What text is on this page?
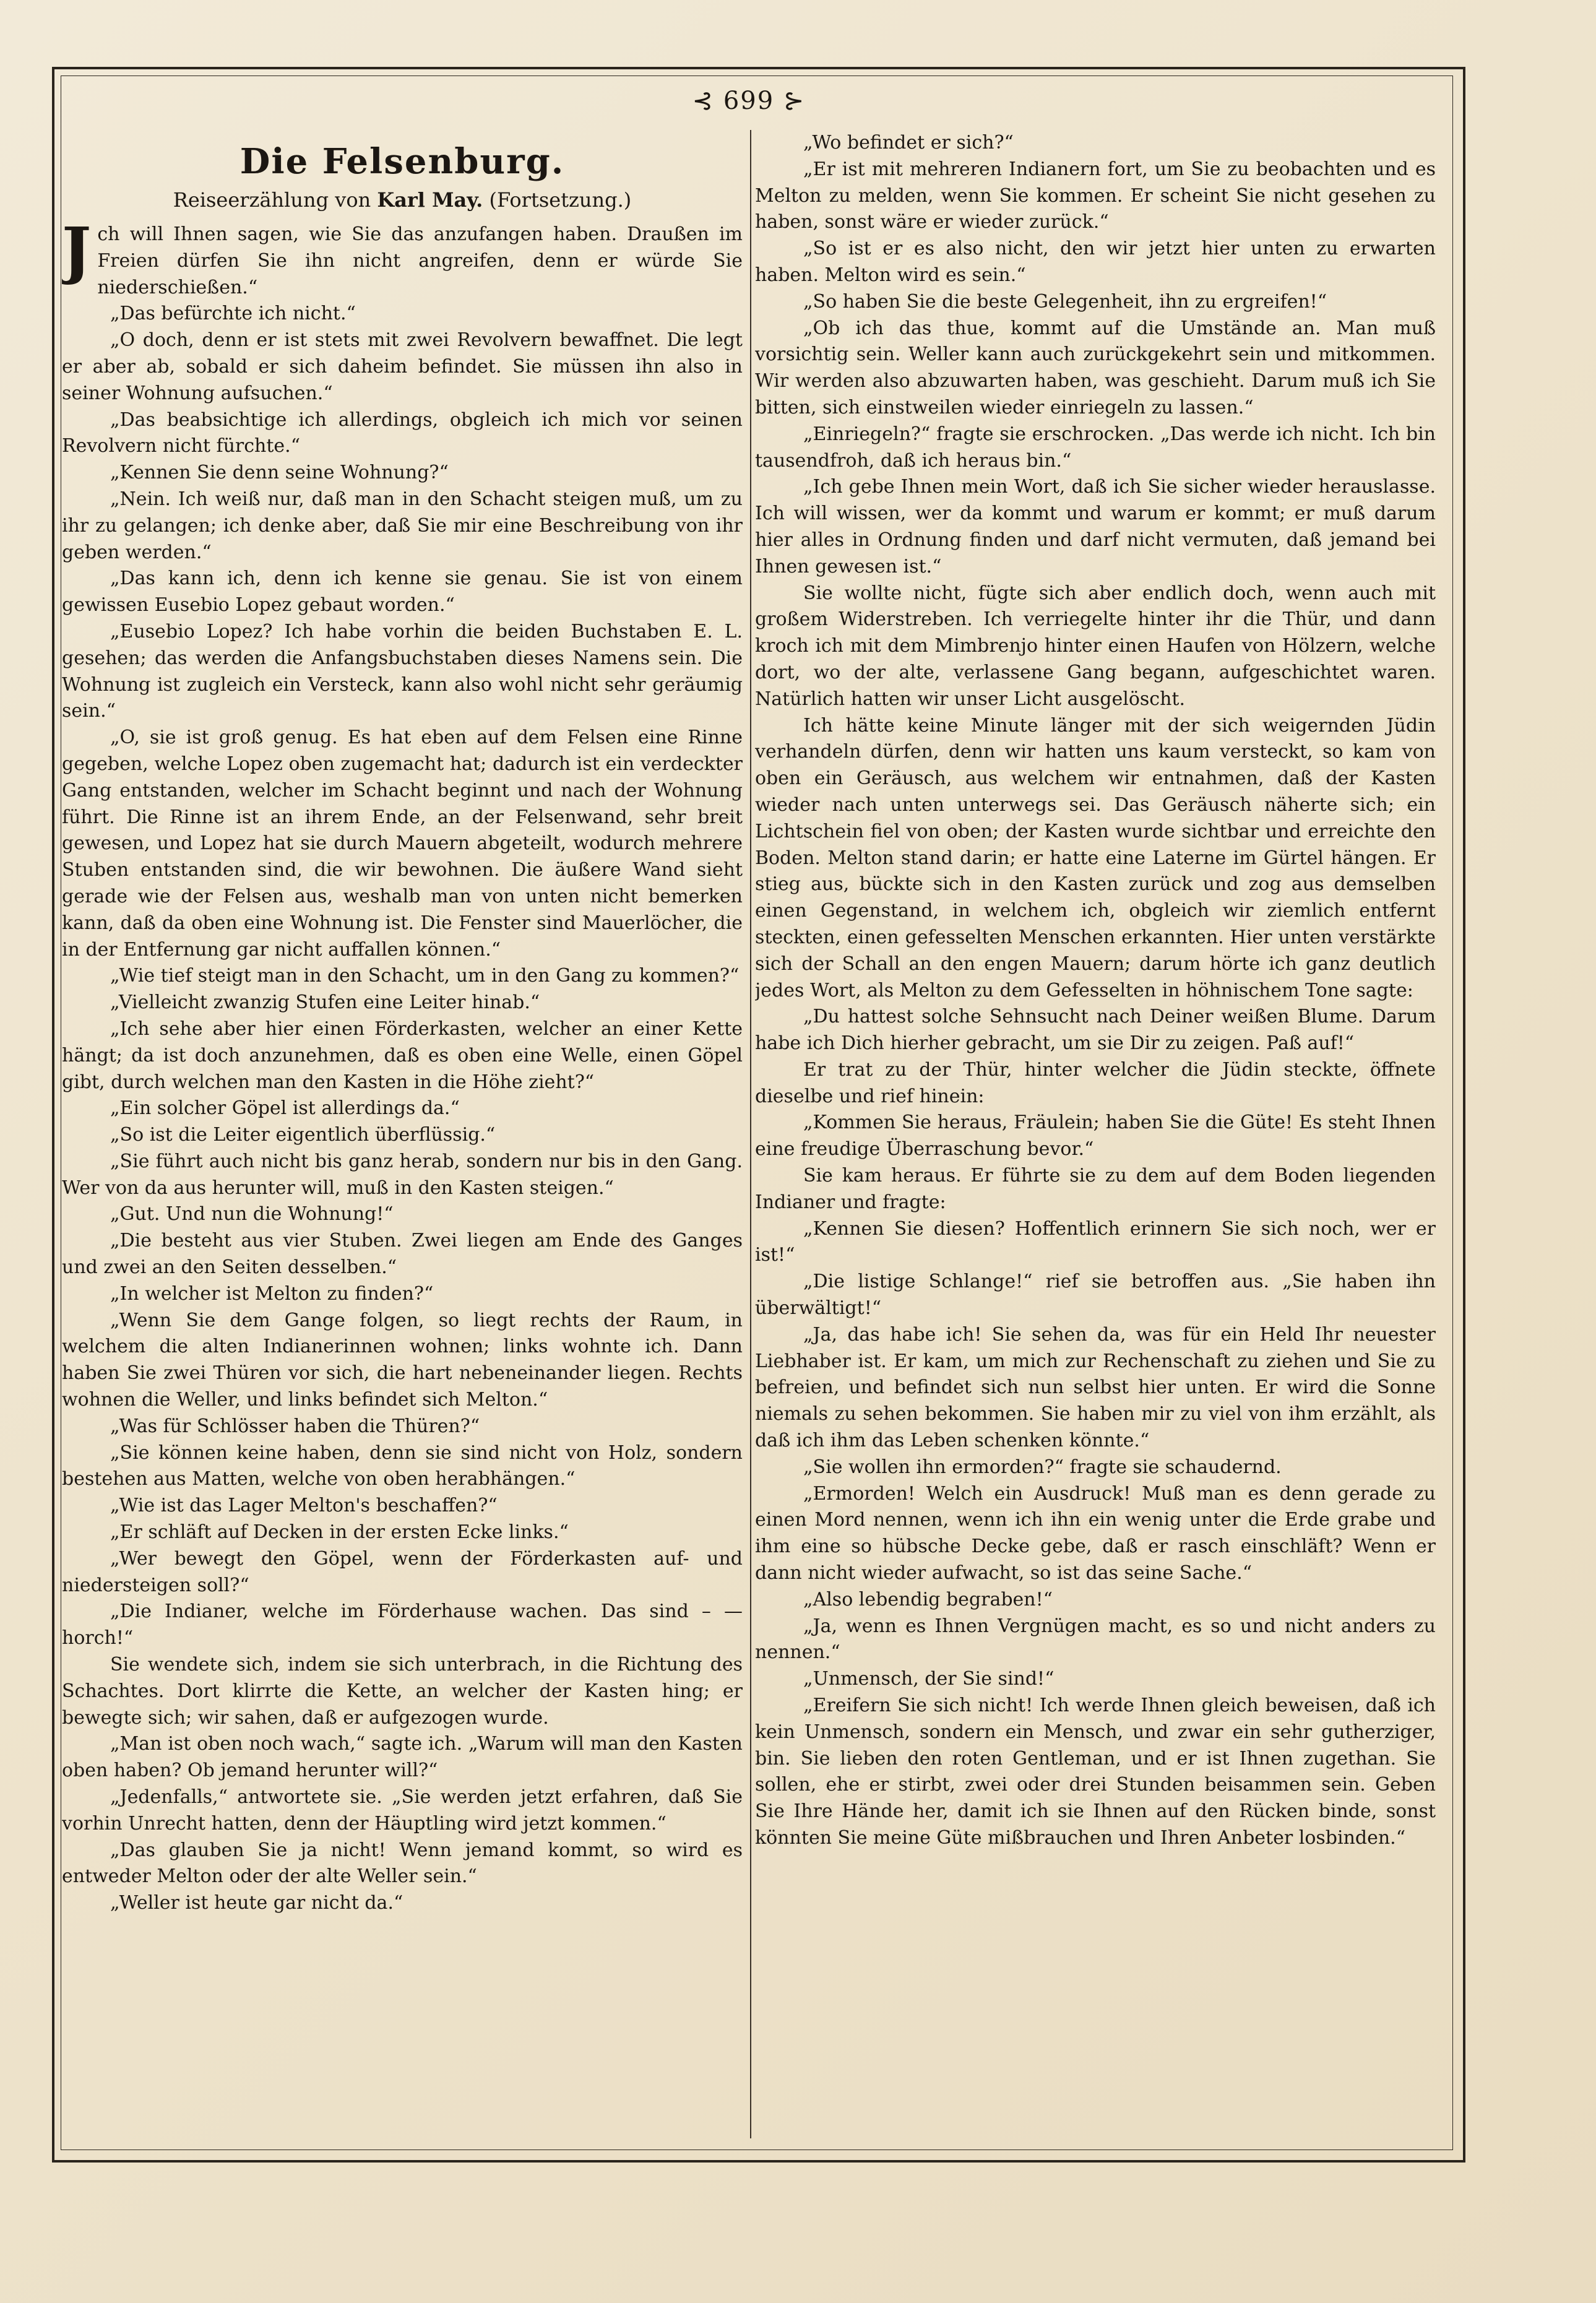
⊰ 699 ⊱
Die Felsenburg.
Reiseerzählung von Karl May. (Fortsetzung.)

Jch will Ihnen sagen, wie Sie das anzufangen haben. Draußen im Freien dürfen Sie ihn nicht angreifen, denn er würde Sie niederschießen.“

„Das befürchte ich nicht.“

„O doch, denn er ist stets mit zwei Revolvern bewaffnet. Die legt er aber ab, sobald er sich daheim befindet. Sie müssen ihn also in seiner Wohnung aufsuchen.“

„Das beabsichtige ich allerdings, obgleich ich mich vor seinen Revolvern nicht fürchte.“

„Kennen Sie denn seine Wohnung?“

„Nein. Ich weiß nur, daß man in den Schacht steigen muß, um zu ihr zu gelangen; ich denke aber, daß Sie mir eine Beschreibung von ihr geben werden.“

„Das kann ich, denn ich kenne sie genau. Sie ist von einem gewissen Eusebio Lopez gebaut worden.“

„Eusebio Lopez? Ich habe vorhin die beiden Buchstaben E. L. gesehen; das werden die Anfangsbuchstaben dieses Namens sein. Die Wohnung ist zugleich ein Versteck, kann also wohl nicht sehr geräumig sein.“

„O, sie ist groß genug. Es hat eben auf dem Felsen eine Rinne gegeben, welche Lopez oben zugemacht hat; dadurch ist ein verdeckter Gang entstanden, welcher im Schacht beginnt und nach der Wohnung führt. Die Rinne ist an ihrem Ende, an der Felsenwand, sehr breit gewesen, und Lopez hat sie durch Mauern abgeteilt, wodurch mehrere Stuben entstanden sind, die wir bewohnen. Die äußere Wand sieht gerade wie der Felsen aus, weshalb man von unten nicht bemerken kann, daß da oben eine Wohnung ist. Die Fenster sind Mauerlöcher, die in der Entfernung gar nicht auffallen können.“

„Wie tief steigt man in den Schacht, um in den Gang zu kommen?“

„Vielleicht zwanzig Stufen eine Leiter hinab.“

„Ich sehe aber hier einen Förderkasten, welcher an einer Kette hängt; da ist doch anzunehmen, daß es oben eine Welle, einen Göpel gibt, durch welchen man den Kasten in die Höhe zieht?“

„Ein solcher Göpel ist allerdings da.“

„So ist die Leiter eigentlich überflüssig.“

„Sie führt auch nicht bis ganz herab, sondern nur bis in den Gang. Wer von da aus herunter will, muß in den Kasten steigen.“

„Gut. Und nun die Wohnung!“

„Die besteht aus vier Stuben. Zwei liegen am Ende des Ganges und zwei an den Seiten desselben.“

„In welcher ist Melton zu finden?“

„Wenn Sie dem Gange folgen, so liegt rechts der Raum, in welchem die alten Indianerinnen wohnen; links wohnte ich. Dann haben Sie zwei Thüren vor sich, die hart nebeneinander liegen. Rechts wohnen die Weller, und links befindet sich Melton.“

„Was für Schlösser haben die Thüren?“

„Sie können keine haben, denn sie sind nicht von Holz, sondern bestehen aus Matten, welche von oben herabhängen.“

„Wie ist das Lager Melton's beschaffen?“

„Er schläft auf Decken in der ersten Ecke links.“

„Wer bewegt den Göpel, wenn der Förderkasten auf- und niedersteigen soll?“

„Die Indianer, welche im Förderhause wachen. Das sind – — horch!“

Sie wendete sich, indem sie sich unterbrach, in die Richtung des Schachtes. Dort klirrte die Kette, an welcher der Kasten hing; er bewegte sich; wir sahen, daß er aufgezogen wurde.

„Man ist oben noch wach,“ sagte ich. „Warum will man den Kasten oben haben? Ob jemand herunter will?“

„Jedenfalls,“ antwortete sie. „Sie werden jetzt erfahren, daß Sie vorhin Unrecht hatten, denn der Häuptling wird jetzt kommen.“

„Das glauben Sie ja nicht! Wenn jemand kommt, so wird es entweder Melton oder der alte Weller sein.“

„Weller ist heute gar nicht da.“

„Wo befindet er sich?“

„Er ist mit mehreren Indianern fort, um Sie zu beobachten und es Melton zu melden, wenn Sie kommen. Er scheint Sie nicht gesehen zu haben, sonst wäre er wieder zurück.“

„So ist er es also nicht, den wir jetzt hier unten zu erwarten haben. Melton wird es sein.“

„So haben Sie die beste Gelegenheit, ihn zu ergreifen!“

„Ob ich das thue, kommt auf die Umstände an. Man muß vorsichtig sein. Weller kann auch zurückgekehrt sein und mitkommen. Wir werden also abzuwarten haben, was geschieht. Darum muß ich Sie bitten, sich einstweilen wieder einriegeln zu lassen.“

„Einriegeln?“ fragte sie erschrocken. „Das werde ich nicht. Ich bin tausendfroh, daß ich heraus bin.“

„Ich gebe Ihnen mein Wort, daß ich Sie sicher wieder herauslasse. Ich will wissen, wer da kommt und warum er kommt; er muß darum hier alles in Ordnung finden und darf nicht vermuten, daß jemand bei Ihnen gewesen ist.“

Sie wollte nicht, fügte sich aber endlich doch, wenn auch mit großem Widerstreben. Ich verriegelte hinter ihr die Thür, und dann kroch ich mit dem Mimbrenjo hinter einen Haufen von Hölzern, welche dort, wo der alte, verlassene Gang begann, aufgeschichtet waren. Natürlich hatten wir unser Licht ausgelöscht.

Ich hätte keine Minute länger mit der sich weigernden Jüdin verhandeln dürfen, denn wir hatten uns kaum versteckt, so kam von oben ein Geräusch, aus welchem wir entnahmen, daß der Kasten wieder nach unten unterwegs sei. Das Geräusch näherte sich; ein Lichtschein fiel von oben; der Kasten wurde sichtbar und erreichte den Boden. Melton stand darin; er hatte eine Laterne im Gürtel hängen. Er stieg aus, bückte sich in den Kasten zurück und zog aus demselben einen Gegenstand, in welchem ich, obgleich wir ziemlich entfernt steckten, einen gefesselten Menschen erkannten. Hier unten verstärkte sich der Schall an den engen Mauern; darum hörte ich ganz deutlich jedes Wort, als Melton zu dem Gefesselten in höhnischem Tone sagte:

„Du hattest solche Sehnsucht nach Deiner weißen Blume. Darum habe ich Dich hierher gebracht, um sie Dir zu zeigen. Paß auf!“

Er trat zu der Thür, hinter welcher die Jüdin steckte, öffnete dieselbe und rief hinein:

„Kommen Sie heraus, Fräulein; haben Sie die Güte! Es steht Ihnen eine freudige Überraschung bevor.“

Sie kam heraus. Er führte sie zu dem auf dem Boden liegenden Indianer und fragte:

„Kennen Sie diesen? Hoffentlich erinnern Sie sich noch, wer er ist!“

„Die listige Schlange!“ rief sie betroffen aus. „Sie haben ihn überwältigt!“

„Ja, das habe ich! Sie sehen da, was für ein Held Ihr neuester Liebhaber ist. Er kam, um mich zur Rechenschaft zu ziehen und Sie zu befreien, und befindet sich nun selbst hier unten. Er wird die Sonne niemals zu sehen bekommen. Sie haben mir zu viel von ihm erzählt, als daß ich ihm das Leben schenken könnte.“

„Sie wollen ihn ermorden?“ fragte sie schaudernd.

„Ermorden! Welch ein Ausdruck! Muß man es denn gerade zu einen Mord nennen, wenn ich ihn ein wenig unter die Erde grabe und ihm eine so hübsche Decke gebe, daß er rasch einschläft? Wenn er dann nicht wieder aufwacht, so ist das seine Sache.“

„Also lebendig begraben!“

„Ja, wenn es Ihnen Vergnügen macht, es so und nicht anders zu nennen.“

„Unmensch, der Sie sind!“

„Ereifern Sie sich nicht! Ich werde Ihnen gleich beweisen, daß ich kein Unmensch, sondern ein Mensch, und zwar ein sehr gutherziger, bin. Sie lieben den roten Gentleman, und er ist Ihnen zugethan. Sie sollen, ehe er stirbt, zwei oder drei Stunden beisammen sein. Geben Sie Ihre Hände her, damit ich sie Ihnen auf den Rücken binde, sonst könnten Sie meine Güte mißbrauchen und Ihren Anbeter losbinden.“
